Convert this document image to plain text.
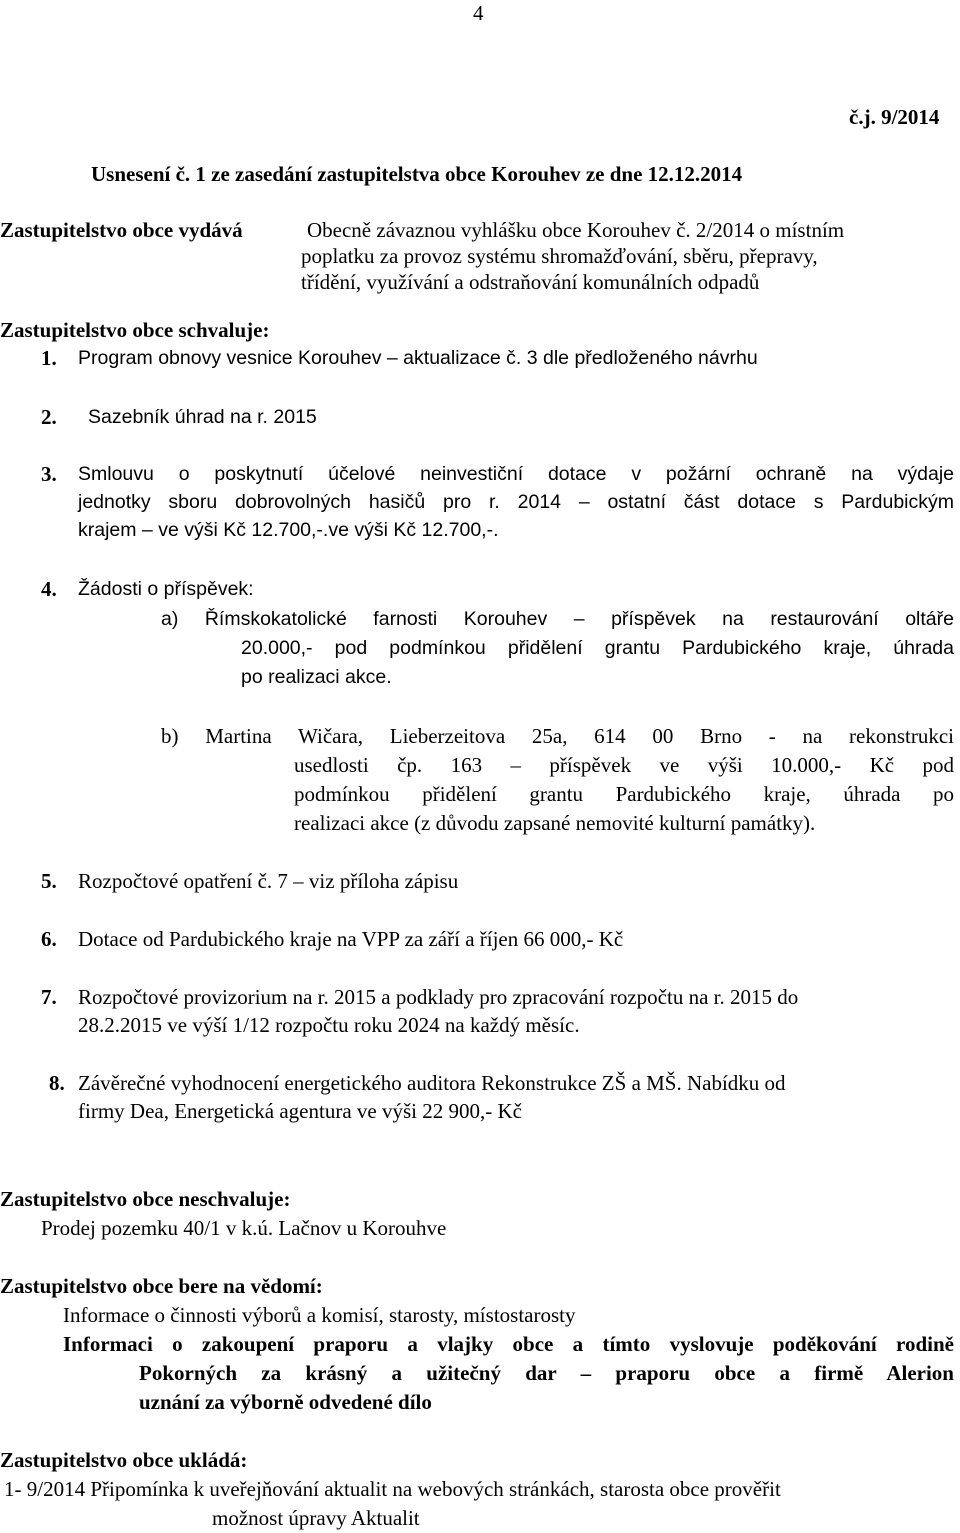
4
č.j. 9/2014
Usnesení č. 1 ze zasedání zastupitelstva obce Korouhev ze dne 12.12.2014
Zastupitelstvo obce vydává	Obecně závaznou vyhlášku obce Korouhev č. 2/2014 o místním
poplatku za provoz systému shromažďování, sběru, přepravy,
třídění, využívání a odstraňování komunálních odpadů
Zastupitelstvo obce schvaluje:
1. Program obnovy vesnice Korouhev – aktualizace č. 3 dle předloženého návrhu
2. Sazebník úhrad na r. 2015
3. Smlouvu o poskytnutí účelové neinvestiční dotace v požární ochraně na výdaje
jednotky sboru dobrovolných hasičů pro r. 2014 – ostatní část dotace s Pardubickým
krajem – ve výši Kč 12.700,-.ve výši Kč 12.700,-.
4. Žádosti o příspěvek:
a) Římskokatolické farnosti Korouhev – příspěvek na restaurování oltáře
20.000,- pod podmínkou přidělení grantu Pardubického kraje, úhrada
po realizaci akce.
b) Martina Wičara, Lieberzeitova 25a, 614 00 Brno - na rekonstrukci
usedlosti čp. 163 – příspěvek ve výši 10.000,- Kč pod
podmínkou přidělení grantu Pardubického kraje, úhrada po
realizaci akce (z důvodu zapsané nemovité kulturní památky).
5. Rozpočtové opatření č. 7 – viz příloha zápisu
6. Dotace od Pardubického kraje na VPP za září a říjen 66 000,- Kč
7. Rozpočtové provizorium na r. 2015 a podklady pro zpracování rozpočtu na r. 2015 do
28.2.2015 ve výší 1/12 rozpočtu roku 2024 na každý měsíc.
8. Závěrečné vyhodnocení energetického auditora Rekonstrukce ZŠ a MŠ. Nabídku od
firmy Dea, Energetická agentura ve výši 22 900,- Kč
Zastupitelstvo obce neschvaluje:
Prodej pozemku 40/1 v k.ú. Lačnov u Korouhve
Zastupitelstvo obce bere na vědomí:
Informace o činnosti výborů a komisí, starosty, místostarosty
Informaci o zakoupení praporu a vlajky obce a tímto vyslovuje poděkování rodině
Pokorných za krásný a užitečný dar – praporu obce a firmě Alerion
uznání za výborně odvedené dílo
Zastupitelstvo obce ukládá:
1- 9/2014 Připomínka k uveřejňování aktualit na webových stránkách, starosta obce prověřit
možnost úpravy Aktualit
